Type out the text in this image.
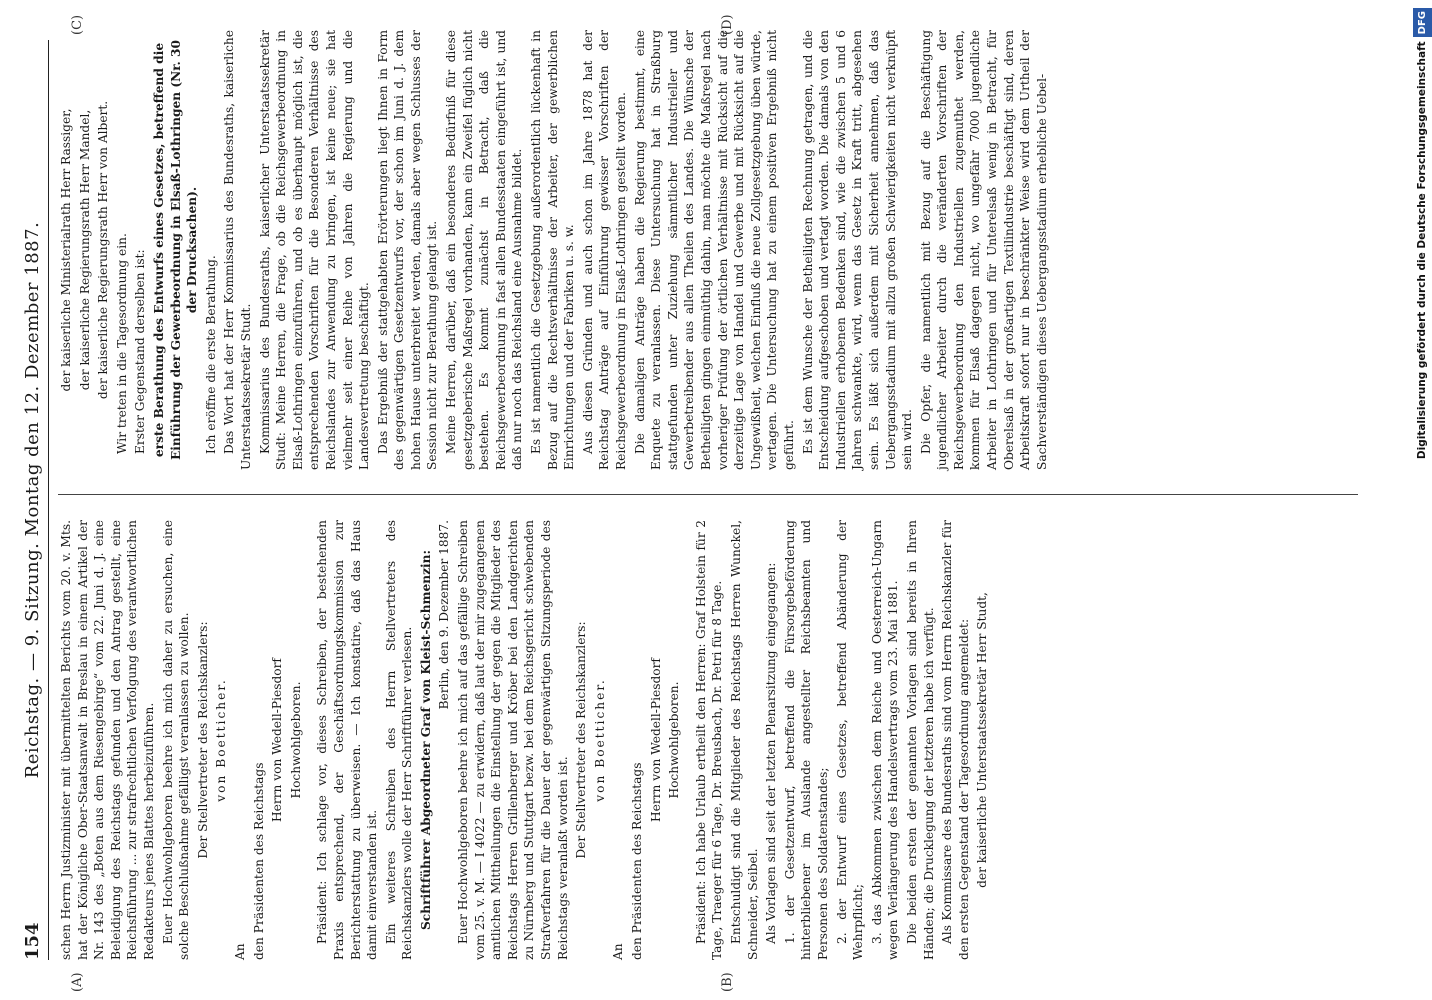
154
Reichstag. — 9. Sitzung. Montag den 12. Dezember 1887.
(A)	(B)
(C)	(D)

schen Herrn Justizminister mit übermittelten Berichts vom 20. v. Mts. hat der Königliche Ober-Staatsanwalt in Breslau in einem Artikel der Nr. 143 des „Boten aus dem Riesengebirge“ vom 22. Juni d. J. eine Beleidigung des Reichstags gefunden und den Antrag gestellt, eine Reichsführung ... zur strafrechtlichen Verfolgung des verantwortlichen Redakteurs jenes Blattes herbeizuführen. Euer Hochwohlgeboren beehre ich mich daher zu ersuchen, eine solche Beschlußnahme gefälligst veranlassen zu wollen. Der Stellvertreter des Reichskanzlers: von Boetticher.

An den Präsidenten des Reichstags

Herrn von Wedell-Piesdorf Hochwohlgeboren. Präsident: Ich schlage vor, dieses Schreiben, der bestehenden Praxis entsprechend, der Geschäftsordnungskommission zur Berichterstattung zu überweisen. — Ich konstatire, daß das Haus damit einverstanden ist. Ein weiteres Schreiben des Herrn Stellvertreters des Reichskanzlers wolle der Herr Schriftführer verlesen. Schriftführer Abgeordneter Graf von Kleist-Schmenzin: Berlin, den 9. Dezember 1887. Euer Hochwohlgeboren beehre ich mich auf das gefällige Schreiben vom 25. v. M. — I 4022 — zu erwidern, daß laut der mir zugegangenen amtlichen Mittheilungen die Einstellung der gegen die Mitglieder des Reichstags Herren Grillenberger und Kröber bei den Landgerichten zu Nürnberg und Stuttgart bezw. bei dem Reichsgericht schwebenden Strafverfahren für die Dauer der gegenwärtigen Sitzungsperiode des Reichstags veranlaßt worden ist. Der Stellvertreter des Reichskanzlers: von Boetticher.

An den Präsidenten des Reichstags

Herrn von Wedell-Piesdorf Hochwohlgeboren. Präsident: Ich habe Urlaub ertheilt den Herren: Graf Holstein für 2 Tage, Traeger für 6 Tage, Dr. Breusbach, Dr. Petri für 8 Tage. Entschuldigt sind die Mitglieder des Reichstags Herren Wunckel, Schneider, Seibel. Als Vorlagen sind seit der letzten Plenarsitzung eingegangen: 1. der Gesetzentwurf, betreffend die Fürsorgebeförderung hinterbliebener im Auslande angestellter Reichsbeamten und Personen des Soldatenstandes; 2. der Entwurf eines Gesetzes, betreffend Abänderung der Wehrpflicht; 3. das Abkommen zwischen dem Reiche und Oesterreich-Ungarn wegen Verlängerung des Handelsvertrags vom 23. Mai 1881. Die beiden ersten der genannten Vorlagen sind bereits in Ihren Händen; die Drucklegung der letzteren habe ich verfügt. Als Kommissare des Bundesraths sind vom Herrn Reichskanzler für den ersten Gegenstand der Tagesordnung angemeldet: der kaiserliche Unterstaatssekretär Herr Studt,

der kaiserliche Ministerialrath Herr Rassiger, der kaiserliche Regierungsrath Herr Mandel, der kaiserliche Regierungsrath Herr von Albert. Wir treten in die Tagesordnung ein. Erster Gegenstand derselben ist: erste Berathung des Entwurfs eines Gesetzes, betreffend die Einführung der Gewerbeordnung in Elsaß-Lothringen (Nr. 30 der Drucksachen).

Ich eröffne die erste Berathung. Das Wort hat der Herr Kommissarius des Bundesraths, kaiserliche Unterstaatssekretär Studt. Kommissarius des Bundesraths, kaiserlicher Unterstaatssekretär Studt: Meine Herren, die Frage, ob die Reichsgewerbeordnung in Elsaß-Lothringen einzuführen, und ob es überhaupt möglich ist, die entsprechenden Vorschriften für die Besonderen Verhältnisse des Reichslandes zur Anwendung zu bringen, ist keine neue; sie hat vielmehr seit einer Reihe von Jahren die Regierung und die Landesvertretung beschäftigt. Das Ergebniß der stattgehabten Erörterungen liegt Ihnen in Form des gegenwärtigen Gesetzentwurfs vor, der schon im Juni d. J. dem hohen Hause unterbreitet werden, damals aber wegen Schlusses der Session nicht zur Berathung gelangt ist. Meine Herren, darüber, daß ein besonderes Bedürfniß für diese gesetzgeberische Maßregel vorhanden, kann ein Zweifel füglich nicht bestehen. Es kommt zunächst in Betracht, daß die Reichsgewerbeordnung in fast allen Bundesstaaten eingeführt ist, und daß nur noch das Reichsland eine Ausnahme bildet. Es ist namentlich die Gesetzgebung außerordentlich lückenhaft in Bezug auf die Rechtsverhältnisse der Arbeiter, der gewerblichen Einrichtungen und der Fabriken u. s. w. Aus diesen Gründen und auch schon im Jahre 1878 hat der Reichstag Anträge auf Einführung gewisser Vorschriften der Reichsgewerbeordnung in Elsaß-Lothringen gestellt worden. Die damaligen Anträge haben die Regierung bestimmt, eine Enquete zu veranlassen. Diese Untersuchung hat in Straßburg stattgefunden unter Zuziehung sämmtlicher Industrieller und Gewerbetreibender aus allen Theilen des Landes. Die Wünsche der Betheiligten gingen einmüthig dahin, man möchte die Maßregel nach vorheriger Prüfung der örtlichen Verhältnisse mit Rücksicht auf die derzeitige Lage von Handel und Gewerbe und mit Rücksicht auf die Ungewißheit, welchen Einfluß die neue Zollgesetzgebung üben würde, vertagen. Die Untersuchung hat zu einem positiven Ergebniß nicht geführt. Es ist dem Wunsche der Betheiligten Rechnung getragen, und die Entscheidung aufgeschoben und vertagt worden. Die damals von den Industriellen erhobenen Bedenken sind, wie die zwischen 5 und 6 Jahren schwankte, wird, wenn das Gesetz in Kraft tritt, abgesehen sein. Es läßt sich außerdem mit Sicherheit annehmen, daß das Uebergangsstadium mit allzu großen Schwierigkeiten nicht verknüpft sein wird. Die Opfer, die namentlich mit Bezug auf die Beschäftigung jugendlicher Arbeiter durch die veränderten Vorschriften der Reichsgewerbeordnung den Industriellen zugemuthet werden, kommen für Elsaß dagegen nicht, wo ungefähr 7000 jugendliche Arbeiter in Lothringen und für Unterelsaß wenig in Betracht, für Oberelsaß in der großartigen Textilindustrie beschäftigt sind, deren Arbeitskraft sofort nur in beschränkter Weise wird dem Urtheil der Sachverständigen dieses Uebergangsstadium erhebliche Uebel-	Digitalisierung gefördert durch die Deutsche ForschungsgemeinschaftDFG
